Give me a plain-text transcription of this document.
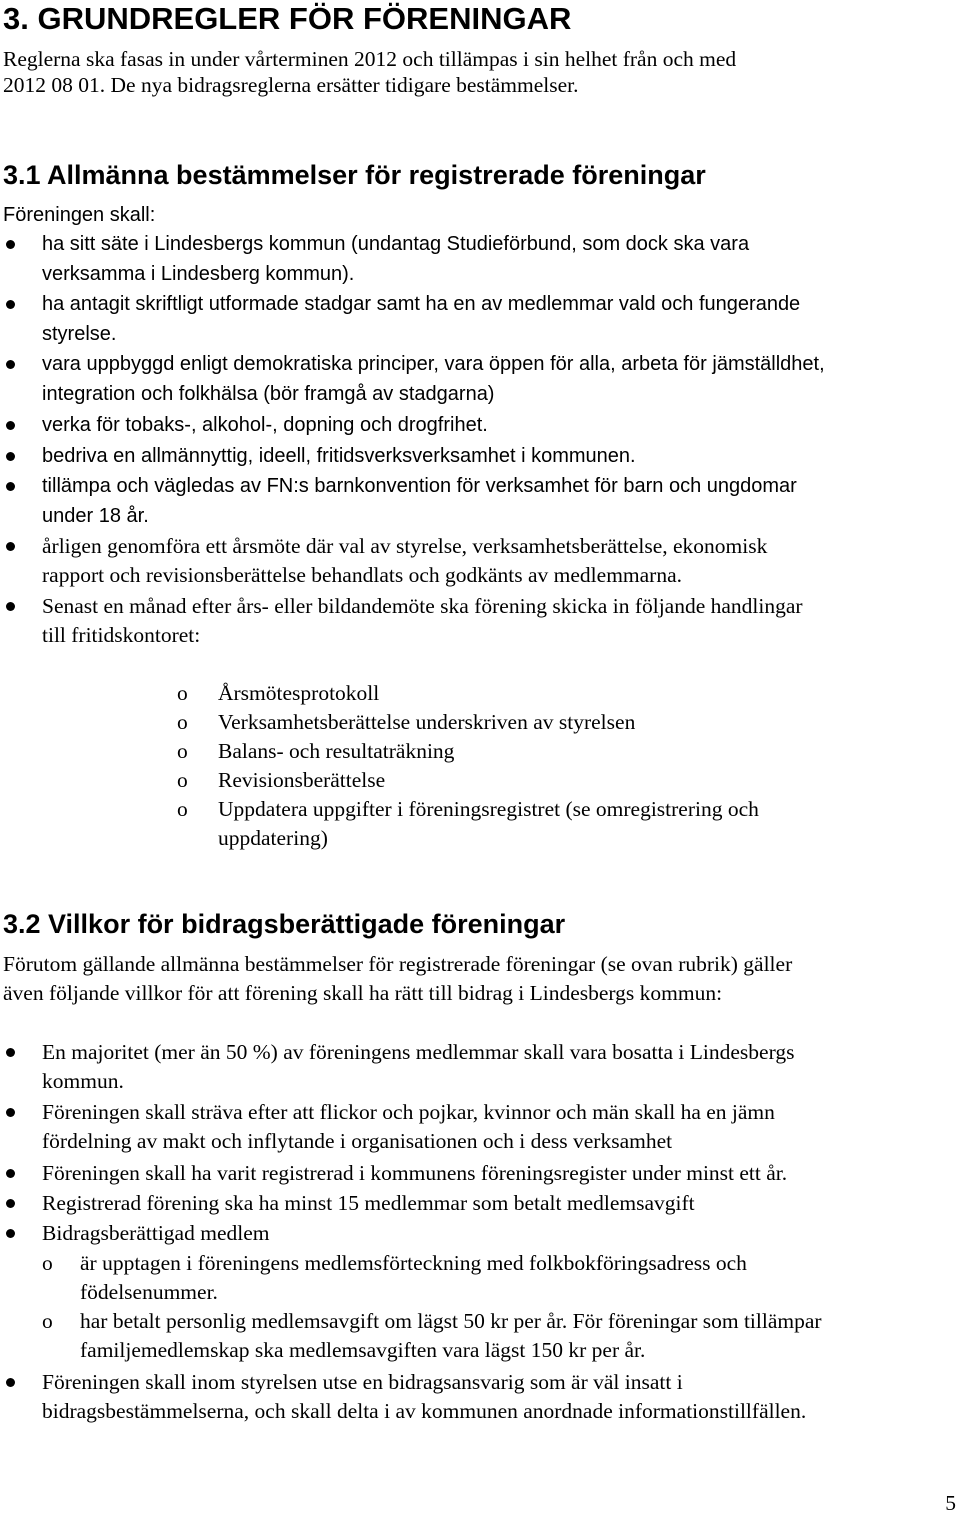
3. GRUNDREGLER FÖR FÖRENINGAR

Reglerna ska fasas in under vårterminen 2012 och tillämpas i sin helhet från och med
2012 08 01. De nya bidragsreglerna ersätter tidigare bestämmelser.

3.1 Allmänna bestämmelser för registrerade föreningar
Föreningen skall:
ha sitt säte i Lindesbergs kommun (undantag Studieförbund, som dock ska vara
verksamma i Lindesberg kommun).
ha antagit skriftligt utformade stadgar samt ha en av medlemmar vald och fungerande
styrelse.
vara uppbyggd enligt demokratiska principer, vara öppen för alla, arbeta för jämställdhet,
integration och folkhälsa (bör framgå av stadgarna)
verka för tobaks-, alkohol-, dopning och drogfrihet.
bedriva en allmännyttig, ideell, fritidsverksverksamhet i kommunen.
tillämpa och vägledas av FN:s barnkonvention för verksamhet för barn och ungdomar
under 18 år.
årligen genomföra ett årsmöte där val av styrelse, verksamhetsberättelse, ekonomisk
rapport och revisionsberättelse behandlats och godkänts av medlemmarna.
Senast en månad efter års- eller bildandemöte ska förening skicka in följande handlingar
till fritidskontoret:
o Årsmötesprotokoll
o Verksamhetsberättelse underskriven av styrelsen
o Balans- och resultaträkning
o Revisionsberättelse
o Uppdatera uppgifter i föreningsregistret (se omregistrering och
uppdatering)
3.2 Villkor för bidragsberättigade föreningar
Förutom gällande allmänna bestämmelser för registrerade föreningar (se ovan rubrik) gäller
även följande villkor för att förening skall ha rätt till bidrag i Lindesbergs kommun:
En majoritet (mer än 50 %) av föreningens medlemmar skall vara bosatta i Lindesbergs
kommun.
Föreningen skall sträva efter att flickor och pojkar, kvinnor och män skall ha en jämn
fördelning av makt och inflytande i organisationen och i dess verksamhet
Föreningen skall ha varit registrerad i kommunens föreningsregister under minst ett år.
Registrerad förening ska ha minst 15 medlemmar som betalt medlemsavgift
Bidragsberättigad medlem
o är upptagen i föreningens medlemsförteckning med folkbokföringsadress och
födelsenummer.
o har betalt personlig medlemsavgift om lägst 50 kr per år. För föreningar som tillämpar
familjemedlemskap ska medlemsavgiften vara lägst 150 kr per år.
Föreningen skall inom styrelsen utse en bidragsansvarig som är väl insatt i
bidragsbestämmelserna, och skall delta i av kommunen anordnade informationstillfällen.
5
